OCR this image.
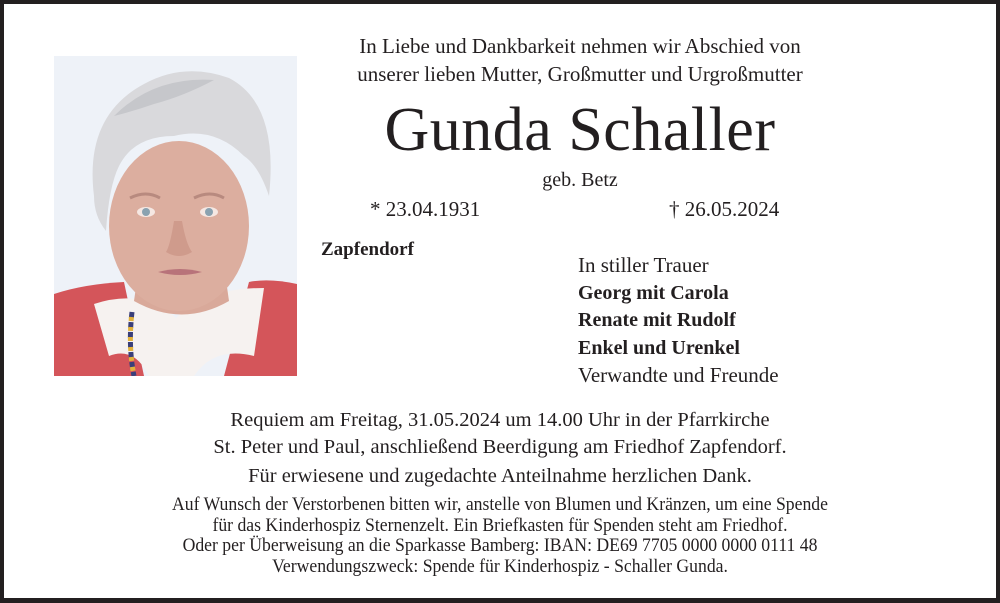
In Liebe und Dankbarkeit nehmen wir Abschied von
unserer lieben Mutter, Großmutter und Urgroßmutter
Gunda Schaller
geb. Betz
* 23.04.1931	† 26.05.2024
Zapfendorf
In stiller Trauer
Georg mit Carola
Renate mit Rudolf
Enkel und Urenkel
Verwandte und Freunde
Requiem am Freitag, 31.05.2024 um 14.00 Uhr in der Pfarrkirche
St. Peter und Paul, anschließend Beerdigung am Friedhof Zapfendorf.
Für erwiesene und zugedachte Anteilnahme herzlichen Dank.
Auf Wunsch der Verstorbenen bitten wir, anstelle von Blumen und Kränzen, um eine Spende
für das Kinderhospiz Sternenzelt. Ein Briefkasten für Spenden steht am Friedhof.
Oder per Überweisung an die Sparkasse Bamberg: IBAN: DE69 7705 0000 0000 0111 48
Verwendungszweck: Spende für Kinderhospiz - Schaller Gunda.
